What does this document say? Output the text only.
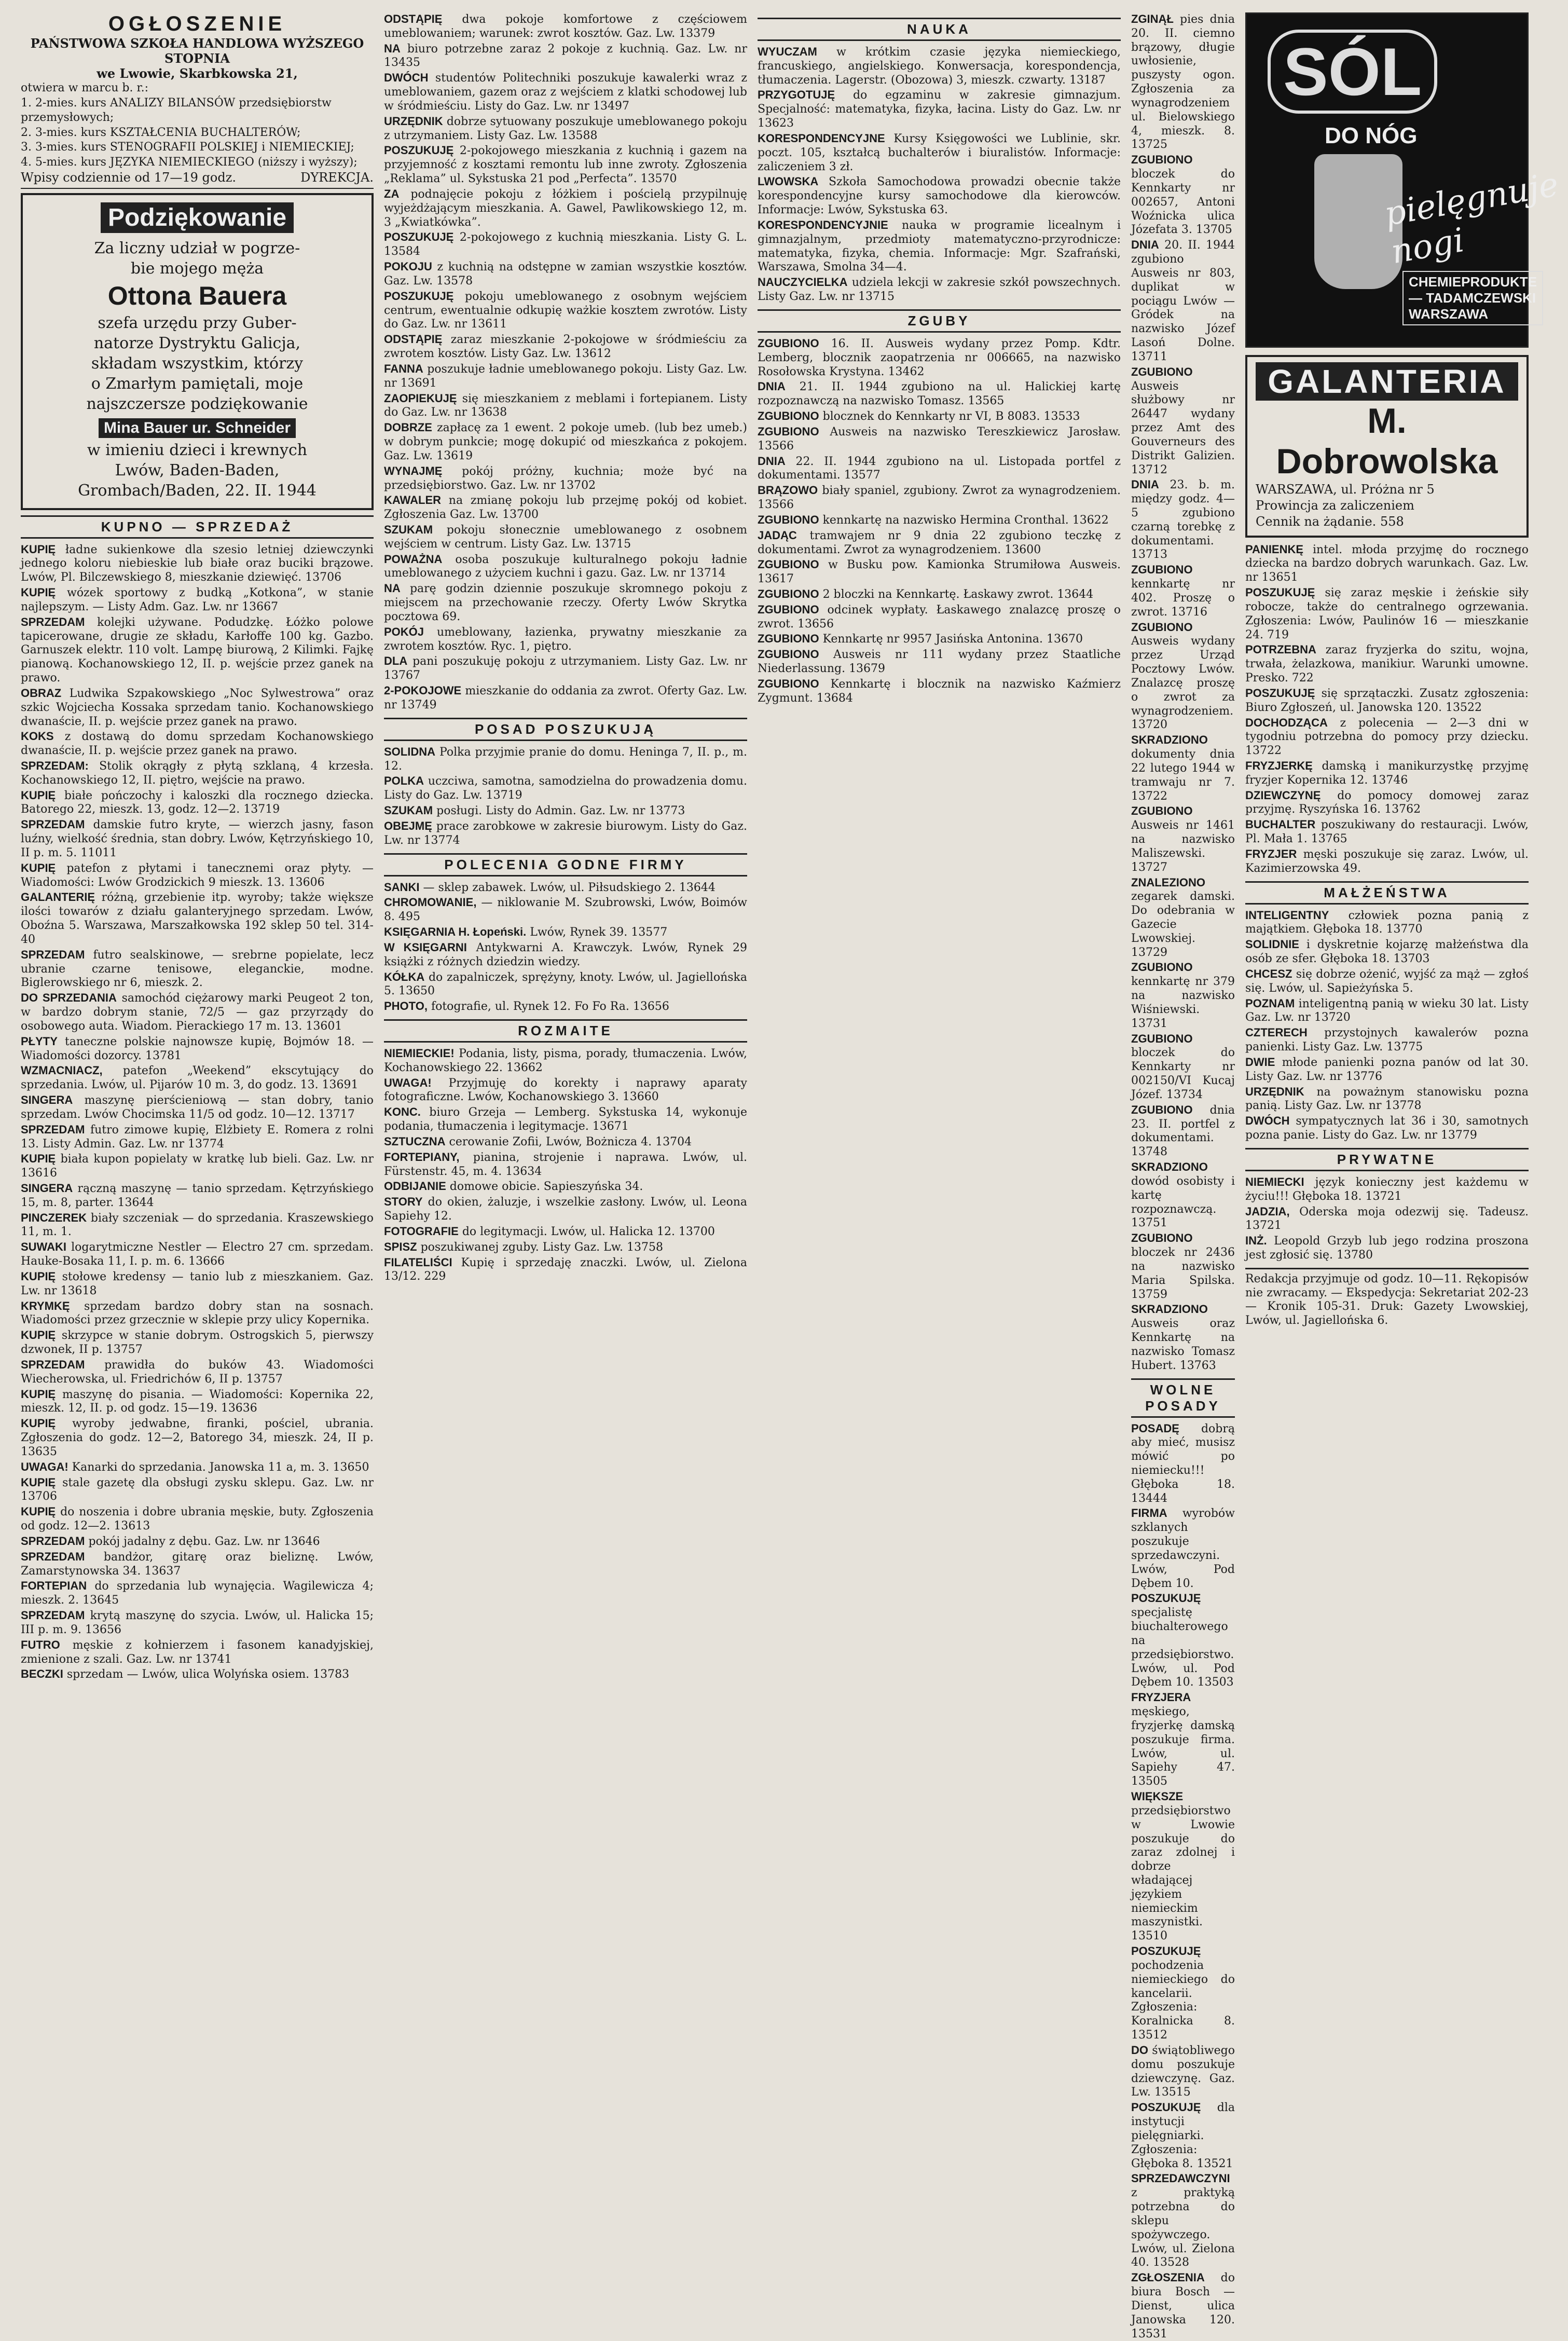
OGŁOSZENIE
PAŃSTWOWA SZKOŁA HANDLOWA WYŻSZEGO STOPNIA
we Lwowie, Skarbkowska 21,
otwiera w marcu b. r.:
1. 2-mies. kurs ANALIZY BILANSÓW przedsiębiorstw przemysłowych;
2. 3-mies. kurs KSZTAŁCENIA BUCHALTERÓW;
3. 3-mies. kurs STENOGRAFII POLSKIEJ i NIEMIECKIEJ;
4. 5-mies. kurs JĘZYKA NIEMIECKIEGO (niższy i wyższy);
Wpisy codziennie od 17—19 godz.	DYREKCJA.
Podziękowanie
Za liczny udział w pogrze-
bie mojego męża
Ottona Bauera
szefa urzędu przy Guber-
natorze Dystryktu Galicja,
składam wszystkim, którzy
o Zmarłym pamiętali, moje
najszczersze podziękowanie
Mina Bauer ur. Schneider
w imieniu dzieci i krewnych
Lwów, Baden-Baden,
Grombach/Baden, 22. II. 1944
KUPNO — SPRZEDAŻ

KUPIĘ ładne sukienkowe dla szesio letniej dziewczynki jednego koloru niebieskie lub białe oraz buciki brązowe. Lwów, Pl. Bilczewskiego 8, mieszkanie dziewięć. 13706

KUPIĘ wózek sportowy z budką „Kotkona”, w stanie najlepszym. — Listy Adm. Gaz. Lw. nr 13667

SPRZEDAM kolejki używane. Podudzkę. Łóżko polowe tapicerowane, drugie ze składu, Karłoffe 100 kg. Gazbo. Garnuszek elektr. 110 volt. Lampę biurową, 2 Kilimki. Fajkę pianową. Kochanowskiego 12, II. p. wejście przez ganek na prawo.

OBRAZ Ludwika Szpakowskiego „Noc Sylwestrowa” oraz szkic Wojciecha Kossaka sprzedam tanio. Kochanowskiego dwanaście, II. p. wejście przez ganek na prawo.

KOKS z dostawą do domu sprzedam Kochanowskiego dwanaście, II. p. wejście przez ganek na prawo.

SPRZEDAM: Stolik okrągły z płytą szklaną, 4 krzesła. Kochanowskiego 12, II. piętro, wejście na prawo.

KUPIĘ białe pończochy i kaloszki dla rocznego dziecka. Batorego 22, mieszk. 13, godz. 12—2. 13719

SPRZEDAM damskie futro kryte, — wierzch jasny, fason luźny, wielkość średnia, stan dobry. Lwów, Kętrzyńskiego 10, II p. m. 5. 11011

KUPIĘ patefon z płytami i tanecznemi oraz płyty. — Wiadomości: Lwów Grodzickich 9 mieszk. 13. 13606

GALANTERIĘ różną, grzebienie itp. wyroby; także większe ilości towarów z działu galanteryjnego sprzedam. Lwów, Oboźna 5. Warszawa, Marszałkowska 192 sklep 50 tel. 314-40

SPRZEDAM futro sealskinowe, — srebrne popielate, lecz ubranie czarne tenisowe, eleganckie, modne. Biglerowskiego nr 6, mieszk. 2.

DO SPRZEDANIA samochód ciężarowy marki Peugeot 2 ton, w bardzo dobrym stanie, 72/5 — gaz przyrządy do osobowego auta. Wiadom. Pierackiego 17 m. 13. 13601

PŁYTY taneczne polskie najnowsze kupię, Bojmów 18. — Wiadomości dozorcy. 13781

WZMACNIACZ, patefon „Weekend” ekscytujący do sprzedania. Lwów, ul. Pijarów 10 m. 3, do godz. 13. 13691

SINGERA maszynę pierścieniową — stan dobry, tanio sprzedam. Lwów Chocimska 11/5 od godz. 10—12. 13717

SPRZEDAM futro zimowe kupię, Elżbiety E. Romera z rolni 13. Listy Admin. Gaz. Lw. nr 13774

KUPIĘ biała kupon popielaty w kratkę lub bieli. Gaz. Lw. nr 13616

SINGERA rączną maszynę — tanio sprzedam. Kętrzyńskiego 15, m. 8, parter. 13644

PINCZEREK biały szczeniak — do sprzedania. Kraszewskiego 11, m. 1.

SUWAKI logarytmiczne Nestler — Electro 27 cm. sprzedam. Hauke-Bosaka 11, I. p. m. 6. 13666

KUPIĘ stołowe kredensy — tanio lub z mieszkaniem. Gaz. Lw. nr 13618

KRYMKĘ sprzedam bardzo dobry stan na sosnach. Wiadomości przez grzecznie w sklepie przy ulicy Kopernika.

KUPIĘ skrzypce w stanie dobrym. Ostrogskich 5, pierwszy dzwonek, II p. 13757

SPRZEDAM prawidła do buków 43. Wiadomości Wiecherowska, ul. Friedrichów 6, II p. 13757

KUPIĘ maszynę do pisania. — Wiadomości: Kopernika 22, mieszk. 12, II. p. od godz. 15—19. 13636

KUPIĘ wyroby jedwabne, firanki, pościel, ubrania. Zgłoszenia do godz. 12—2, Batorego 34, mieszk. 24, II p. 13635

UWAGA! Kanarki do sprzedania. Janowska 11 a, m. 3. 13650

KUPIĘ stale gazetę dla obsługi zysku sklepu. Gaz. Lw. nr 13706

KUPIĘ do noszenia i dobre ubrania męskie, buty. Zgłoszenia od godz. 12—2. 13613

SPRZEDAM pokój jadalny z dębu. Gaz. Lw. nr 13646

SPRZEDAM bandżor, gitarę oraz bieliznę. Lwów, Zamarstynowska 34. 13637

FORTEPIAN do sprzedania lub wynajęcia. Wagilewicza 4; mieszk. 2. 13645

SPRZEDAM krytą maszynę do szycia. Lwów, ul. Halicka 15; III p. m. 9. 13656

FUTRO męskie z kołnierzem i fasonem kanadyjskiej, zmienione z szali. Gaz. Lw. nr 13741

BECZKI sprzedam — Lwów, ulica Wolyńska osiem. 13783

ODSTĄPIĘ dwa pokoje komfortowe z częściowem umeblowaniem; warunek: zwrot kosztów. Gaz. Lw. 13379

NA biuro potrzebne zaraz 2 pokoje z kuchnią. Gaz. Lw. nr 13435

DWÓCH studentów Politechniki poszukuje kawalerki wraz z umeblowaniem, gazem oraz z wejściem z klatki schodowej lub w śródmieściu. Listy do Gaz. Lw. nr 13497

URZĘDNIK dobrze sytuowany poszukuje umeblowanego pokoju z utrzymaniem. Listy Gaz. Lw. 13588

POSZUKUJĘ 2-pokojowego mieszkania z kuchnią i gazem na przyjemność z kosztami remontu lub inne zwroty. Zgłoszenia „Reklama” ul. Sykstuska 21 pod „Perfecta”. 13570

ZA podnajęcie pokoju z łóżkiem i pościelą przypilnuję wyjeżdżającym mieszkania. A. Gawel, Pawlikowskiego 12, m. 3 „Kwiatkówka”.

POSZUKUJĘ 2-pokojowego z kuchnią mieszkania. Listy G. L. 13584

POKOJU z kuchnią na odstępne w zamian wszystkie kosztów. Gaz. Lw. 13578

POSZUKUJĘ pokoju umeblowanego z osobnym wejściem centrum, ewentualnie odkupię ważkie kosztem zwrotów. Listy do Gaz. Lw. nr 13611

ODSTĄPIĘ zaraz mieszkanie 2-pokojowe w śródmieściu za zwrotem kosztów. Listy Gaz. Lw. 13612

FANNA poszukuje ładnie umeblowanego pokoju. Listy Gaz. Lw. nr 13691

ZAOPIEKUJĘ się mieszkaniem z meblami i fortepianem. Listy do Gaz. Lw. nr 13638

DOBRZE zapłacę za 1 ewent. 2 pokoje umeb. (lub bez umeb.) w dobrym punkcie; mogę dokupić od mieszkańca z pokojem. Gaz. Lw. 13619

WYNAJMĘ pokój próżny, kuchnia; może być na przedsiębiorstwo. Gaz. Lw. nr 13702

KAWALER na zmianę pokoju lub przejmę pokój od kobiet. Zgłoszenia Gaz. Lw. 13700

SZUKAM pokoju słonecznie umeblowanego z osobnem wejściem w centrum. Listy Gaz. Lw. 13715

POWAŻNA osoba poszukuje kulturalnego pokoju ładnie umeblowanego z użyciem kuchni i gazu. Gaz. Lw. nr 13714

NA parę godzin dziennie poszukuje skromnego pokoju z miejscem na przechowanie rzeczy. Oferty Lwów Skrytka pocztowa 69.

POKÓJ umeblowany, łazienka, prywatny mieszkanie za zwrotem kosztów. Ryc. 1, piętro.

DLA pani poszukuję pokoju z utrzymaniem. Listy Gaz. Lw. nr 13767

2-POKOJOWE mieszkanie do oddania za zwrot. Oferty Gaz. Lw. nr 13749

POSAD POSZUKUJĄ

SOLIDNA Polka przyjmie pranie do domu. Heninga 7, II. p., m. 12.

POLKA uczciwa, samotna, samodzielna do prowadzenia domu. Listy do Gaz. Lw. 13719

SZUKAM posługi. Listy do Admin. Gaz. Lw. nr 13773

OBEJMĘ prace zarobkowe w zakresie biurowym. Listy do Gaz. Lw. nr 13774

POLECENIA GODNE FIRMY

SANKI — sklep zabawek. Lwów, ul. Piłsudskiego 2. 13644

CHROMOWANIE, — niklowanie M. Szubrowski, Lwów, Boimów 8. 495

KSIĘGARNIA H. Łopeński. Lwów, Rynek 39. 13577

W KSIĘGARNI Antykwarni A. Krawczyk. Lwów, Rynek 29 książki z różnych dziedzin wiedzy.

KÓŁKA do zapalniczek, sprężyny, knoty. Lwów, ul. Jagiellońska 5. 13650

PHOTO, fotografie, ul. Rynek 12. Fo Fo Ra. 13656

ROZMAITE

NIEMIECKIE! Podania, listy, pisma, porady, tłumaczenia. Lwów, Kochanowskiego 22. 13662

UWAGA! Przyjmuję do korekty i naprawy aparaty fotograficzne. Lwów, Kochanowskiego 3. 13660

KONC. biuro Grzeja — Lemberg. Sykstuska 14, wykonuje podania, tłumaczenia i legitymacje. 13671

SZTUCZNA cerowanie Zofii, Lwów, Bożnicza 4. 13704

FORTEPIANY, pianina, strojenie i naprawa. Lwów, ul. Fürstenstr. 45, m. 4. 13634

ODBIJANIE domowe obicie. Sapieszyńska 34.

STORY do okien, żaluzje, i wszelkie zasłony. Lwów, ul. Leona Sapiehy 12.

FOTOGRAFIE do legitymacji. Lwów, ul. Halicka 12. 13700

SPISZ poszukiwanej zguby. Listy Gaz. Lw. 13758

FILATELIŚCI Kupię i sprzedaję znaczki. Lwów, ul. Zielona 13/12. 229

NAUKA

WYUCZAM w krótkim czasie języka niemieckiego, francuskiego, angielskiego. Konwersacja, korespondencja, tłumaczenia. Lagerstr. (Obozowa) 3, mieszk. czwarty. 13187

PRZYGOTUJĘ do egzaminu w zakresie gimnazjum. Specjalność: matematyka, fizyka, łacina. Listy do Gaz. Lw. nr 13623

KORESPONDENCYJNE Kursy Księgowości we Lublinie, skr. poczt. 105, kształcą buchalterów i biuralistów. Informacje: zaliczeniem 3 zł.

LWOWSKA Szkoła Samochodowa prowadzi obecnie także korespondencyjne kursy samochodowe dla kierowców. Informacje: Lwów, Sykstuska 63.

KORESPONDENCYJNIE nauka w programie licealnym i gimnazjalnym, przedmioty matematyczno-przyrodnicze: matematyka, fizyka, chemia. Informacje: Mgr. Szafrański, Warszawa, Smolna 34—4.

NAUCZYCIELKA udziela lekcji w zakresie szkół powszechnych. Listy Gaz. Lw. nr 13715

ZGUBY

ZGUBIONO 16. II. Ausweis wydany przez Pomp. Kdtr. Lemberg, blocznik zaopatrzenia nr 006665, na nazwisko Rosołowska Krystyna. 13462

DNIA 21. II. 1944 zgubiono na ul. Halickiej kartę rozpoznawczą na nazwisko Tomasz. 13565

ZGUBIONO blocznek do Kennkarty nr VI, B 8083. 13533

ZGUBIONO Ausweis na nazwisko Tereszkiewicz Jarosław. 13566

DNIA 22. II. 1944 zgubiono na ul. Listopada portfel z dokumentami. 13577

BRĄZOWO biały spaniel, zgubiony. Zwrot za wynagrodzeniem. 13566

ZGUBIONO kennkartę na nazwisko Hermina Cronthal. 13622

JADĄC tramwajem nr 9 dnia 22 zgubiono teczkę z dokumentami. Zwrot za wynagrodzeniem. 13600

ZGUBIONO w Busku pow. Kamionka Strumiłowa Ausweis. 13617

ZGUBIONO 2 bloczki na Kennkartę. Łaskawy zwrot. 13644

ZGUBIONO odcinek wypłaty. Łaskawego znalazcę proszę o zwrot. 13656

ZGUBIONO Kennkartę nr 9957 Jasińska Antonina. 13670

ZGUBIONO Ausweis nr 111 wydany przez Staatliche Niederlassung. 13679

ZGUBIONO Kennkartę i blocznik na nazwisko Kaźmierz Zygmunt. 13684

ZGINĄŁ pies dnia 20. II. ciemno brązowy, długie uwłosienie, puszysty ogon. Zgłoszenia za wynagrodzeniem ul. Bielowskiego 4, mieszk. 8. 13725

ZGUBIONO bloczek do Kennkarty nr 002657, Antoni Woźnicka ulica Józefata 3. 13705

DNIA 20. II. 1944 zgubiono Ausweis nr 803, duplikat w pociągu Lwów — Gródek na nazwisko Józef Lasoń Dolne. 13711

ZGUBIONO Ausweis służbowy nr 26447 wydany przez Amt des Gouverneurs des Distrikt Galizien. 13712

DNIA 23. b. m. między godz. 4—5 zgubiono czarną torebkę z dokumentami. 13713

ZGUBIONO kennkartę nr 402. Proszę o zwrot. 13716

ZGUBIONO Ausweis wydany przez Urząd Pocztowy Lwów. Znalazcę proszę o zwrot za wynagrodzeniem. 13720

SKRADZIONO dokumenty dnia 22 lutego 1944 w tramwaju nr 7. 13722

ZGUBIONO Ausweis nr 1461 na nazwisko Maliszewski. 13727

ZNALEZIONO zegarek damski. Do odebrania w Gazecie Lwowskiej. 13729

ZGUBIONO kennkartę nr 379 na nazwisko Wiśniewski. 13731

ZGUBIONO bloczek do Kennkarty nr 002150/VI Kucaj Józef. 13734

ZGUBIONO dnia 23. II. portfel z dokumentami. 13748

SKRADZIONO dowód osobisty i kartę rozpoznawczą. 13751

ZGUBIONO bloczek nr 2436 na nazwisko Maria Spilska. 13759

SKRADZIONO Ausweis oraz Kennkartę na nazwisko Tomasz Hubert. 13763

WOLNE POSADY

POSADĘ dobrą aby mieć, musisz mówić po niemiecku!!! Głęboka 18. 13444

FIRMA wyrobów szklanych poszukuje sprzedawczyni. Lwów, Pod Dębem 10.

POSZUKUJĘ specjalistę biuchalterowego na przedsiębiorstwo. Lwów, ul. Pod Dębem 10. 13503

FRYZJERA męskiego, fryzjerkę damską poszukuje firma. Lwów, ul. Sapiehy 47. 13505

WIĘKSZE przedsiębiorstwo w Lwowie poszukuje do zaraz zdolnej i dobrze władającej językiem niemieckim maszynistki. 13510

POSZUKUJĘ pochodzenia niemieckiego do kancelarii. Zgłoszenia: Koralnicka 8. 13512

DO świątobliwego domu poszukuje dziewczynę. Gaz. Lw. 13515

POSZUKUJĘ dla instytucji pielęgniarki. Zgłoszenia: Głęboka 8. 13521

SPRZEDAWCZYNI z praktyką potrzebna do sklepu spożywczego. Lwów, ul. Zielona 40. 13528

ZGŁOSZENIA do biura Bosch — Dienst, ulica Janowska 120. 13531

SÓL
DO NÓG
pielęgnuje nogi
CHEMIEPRODUKTE — TADAMCZEWSKI WARSZAWA
GALANTERIA
M. Dobrowolska
WARSZAWA, ul. Próżna nr 5
Prowincja za zaliczeniem
Cennik na żądanie. 558

PANIENKĘ intel. młoda przyjmę do rocznego dziecka na bardzo dobrych warunkach. Gaz. Lw. nr 13651

POSZUKUJĘ się zaraz męskie i żeńskie siły robocze, także do centralnego ogrzewania. Zgłoszenia: Lwów, Paulinów 16 — mieszkanie 24. 719

POTRZEBNA zaraz fryzjerka do szitu, wojna, trwała, żelazkowa, manikiur. Warunki umowne. Presko. 722

POSZUKUJĘ się sprzątaczki. Zusatz zgłoszenia: Biuro Zgłoszeń, ul. Janowska 120. 13522

DOCHODZĄCA z polecenia — 2—3 dni w tygodniu potrzebna do pomocy przy dziecku. 13722

FRYZJERKĘ damską i manikurzystkę przyjmę fryzjer Kopernika 12. 13746

DZIEWCZYNĘ do pomocy domowej zaraz przyjmę. Ryszyńska 16. 13762

BUCHALTER poszukiwany do restauracji. Lwów, Pl. Mała 1. 13765

FRYZJER męski poszukuje się zaraz. Lwów, ul. Kazimierzowska 49.

MAŁŻEŃSTWA

INTELIGENTNY człowiek pozna panią z majątkiem. Głęboka 18. 13770

SOLIDNIE i dyskretnie kojarzę małżeństwa dla osób ze sfer. Głęboka 18. 13703

CHCESZ się dobrze ożenić, wyjść za mąż — zgłoś się. Lwów, ul. Sapieżyńska 5.

POZNAM inteligentną panią w wieku 30 lat. Listy Gaz. Lw. nr 13720

CZTERECH przystojnych kawalerów pozna panienki. Listy Gaz. Lw. 13775

DWIE młode panienki pozna panów od lat 30. Listy Gaz. Lw. nr 13776

URZĘDNIK na poważnym stanowisku pozna panią. Listy Gaz. Lw. nr 13778

DWÓCH sympatycznych lat 36 i 30, samotnych pozna panie. Listy do Gaz. Lw. nr 13779

PRYWATNE

NIEMIECKI język konieczny jest każdemu w życiu!!! Głęboka 18. 13721

JADZIA, Oderska moja odezwij się. Tadeusz. 13721

INŻ. Leopold Grzyb lub jego rodzina proszona jest zgłosić się. 13780

Redakcja przyjmuje od godz. 10—11. Rękopisów nie zwracamy. — Ekspedycja: Sekretariat 202-23 — Kronik 105-31. Druk: Gazety Lwowskiej, Lwów, ul. Jagiellońska 6.
